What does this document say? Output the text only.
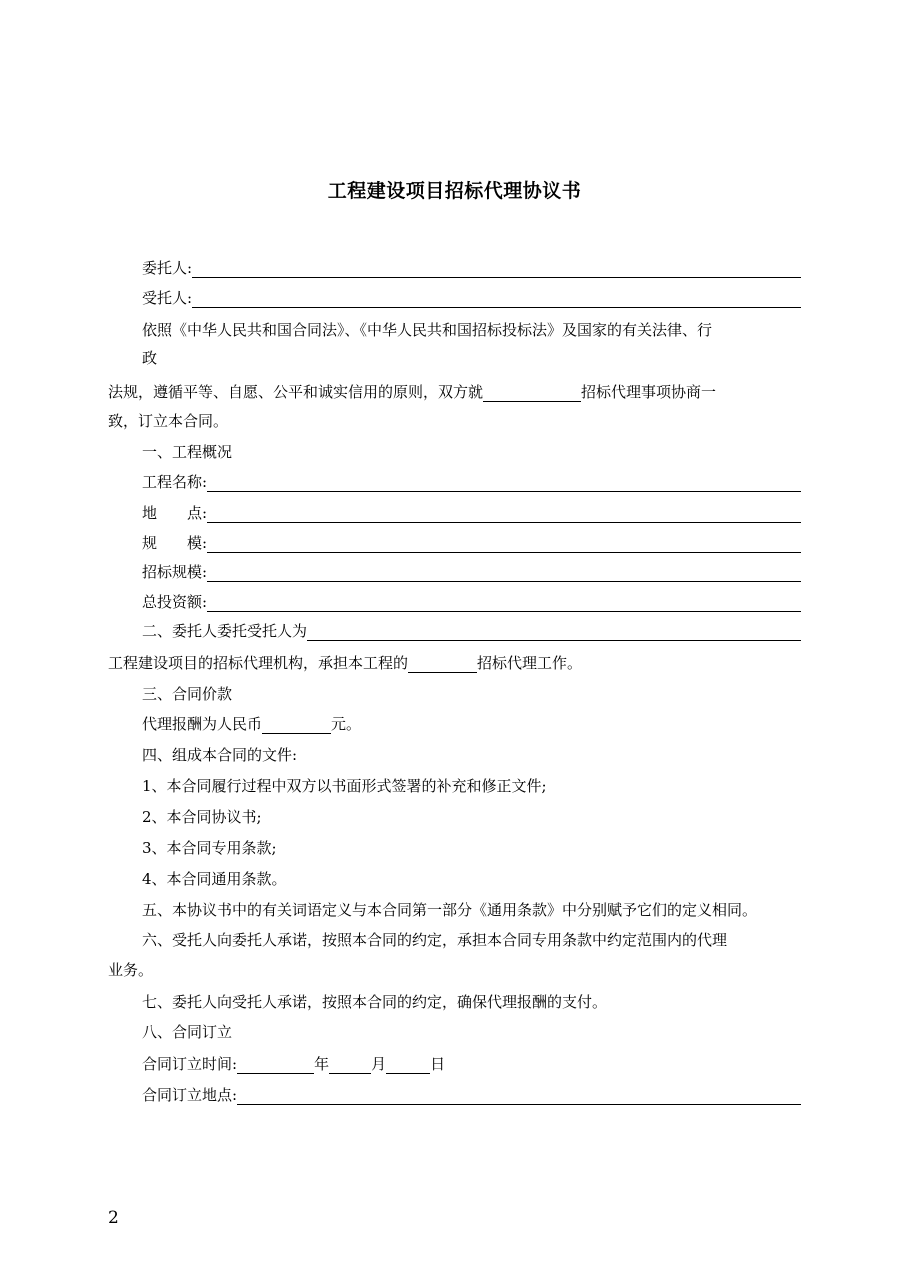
工程建设项目招标代理协议书
委托人:
受托人:
依照《中华人民共和国合同法》、《中华人民共和国招标投标法》及国家的有关法律、行
政
法规，遵循平等、自愿、公平和诚实信用的原则，双方就	招标代理事项协商一
致，订立本合同。
一、工程概况
工程名称:
地　　点:
规　　模:
招标规模:
总投资额:
二、委托人委托受托人为
工程建设项目的招标代理机构，承担本工程的	招标代理工作。
三、合同价款
代理报酬为人民币	元。
四、组成本合同的文件:
1、本合同履行过程中双方以书面形式签署的补充和修正文件;
2、本合同协议书;
3、本合同专用条款;
4、本合同通用条款。
五、本协议书中的有关词语定义与本合同第一部分《通用条款》中分别赋予它们的定义相同。
六、受托人向委托人承诺，按照本合同的约定，承担本合同专用条款中约定范围内的代理
业务。
七、委托人向受托人承诺，按照本合同的约定，确保代理报酬的支付。
八、合同订立
合同订立时间:	年	月	日
合同订立地点:
2
